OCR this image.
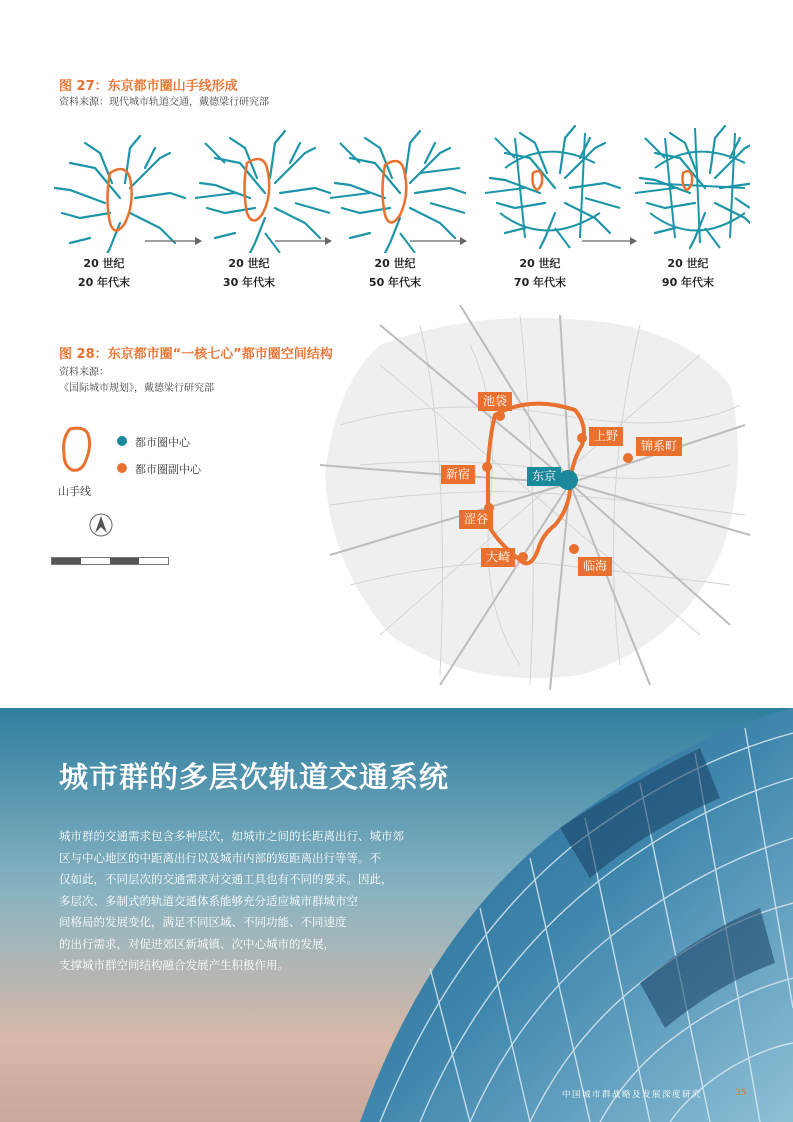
图 27：东京都市圈山手线形成
资料来源：现代城市轨道交通，戴德梁行研究部
20 世纪
20 年代末
20 世纪
30 年代末
20 世纪
50 年代末
20 世纪
70 年代末
20 世纪
90 年代末
池袋
上野
锦系町
新宿	东京
涩谷
大崎
临海
图 28：东京都市圈“一核七心”都市圈空间结构
资料来源：
《国际城市规划》，戴德梁行研究部
山手线
都市圈中心
都市圈副中心
城市群的多层次轨道交通系统
城市群的交通需求包含多种层次，如城市之间的长距离出行、城市郊
区与中心地区的中距离出行以及城市内部的短距离出行等等。不
仅如此，不同层次的交通需求对交通工具也有不同的要求。因此，
多层次、多制式的轨道交通体系能够充分适应城市群城市空
间格局的发展变化，满足不同区域、不同功能、不同速度
的出行需求，对促进郊区新城镇、次中心城市的发展，
支撑城市群空间结构融合发展产生积极作用。
中国城市群战略及发展深度研究	35
